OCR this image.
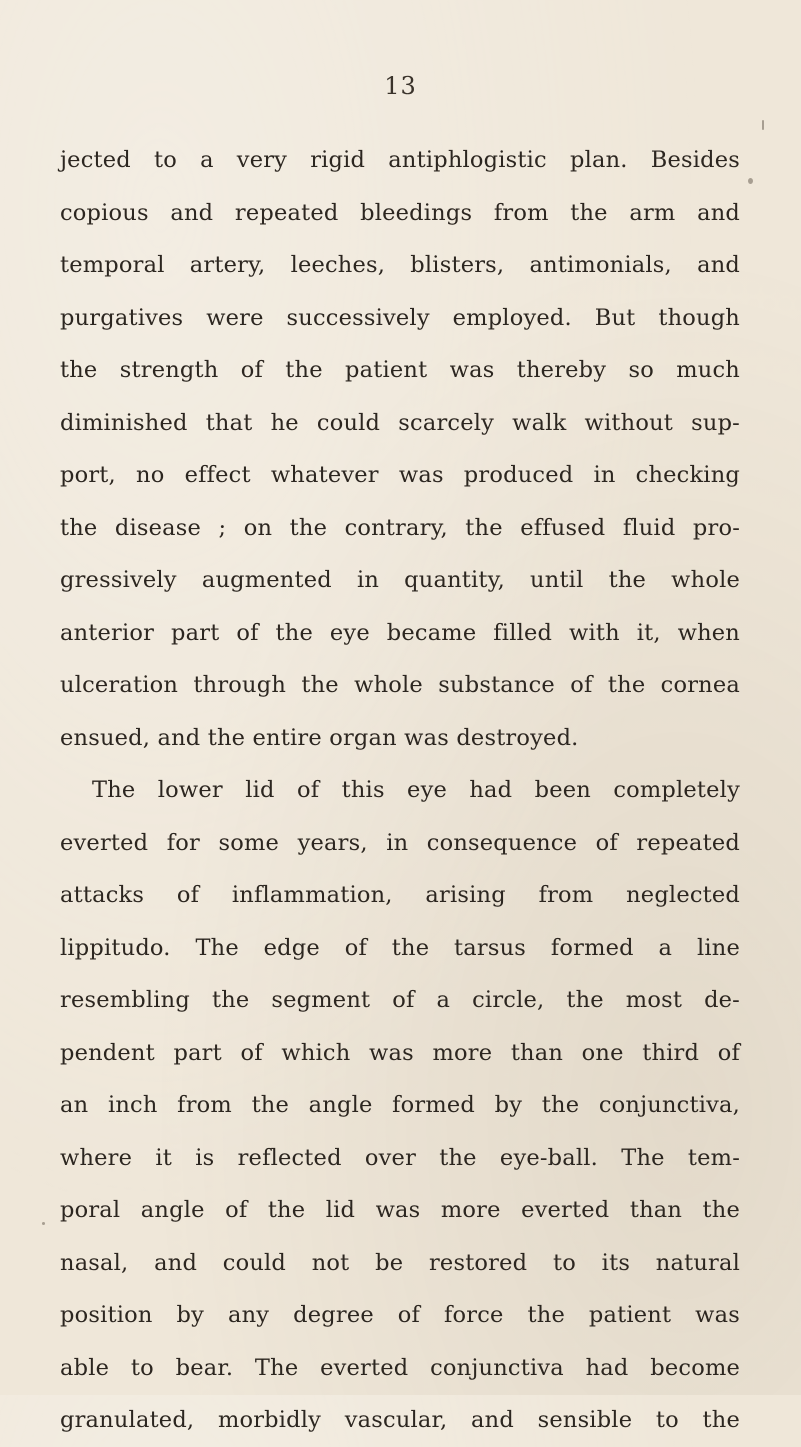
13
jected to a very rigid antiphlogistic plan. Besides
copious and repeated bleedings from the arm and
temporal artery, leeches, blisters, antimonials, and
purgatives were successively employed. But though
the strength of the patient was thereby so much
diminished that he could scarcely walk without sup-
port, no effect whatever was produced in checking
the disease ; on the contrary, the effused fluid pro-
gressively augmented in quantity, until the whole
anterior part of the eye became filled with it, when
ulceration through the whole substance of the cornea
ensued, and the entire organ was destroyed.
The lower lid of this eye had been completely
everted for some years, in consequence of repeated
attacks of inflammation, arising from neglected
lippitudo. The edge of the tarsus formed a line
resembling the segment of a circle, the most de-
pendent part of which was more than one third of
an inch from the angle formed by the conjunctiva,
where it is reflected over the eye-ball. The tem-
poral angle of the lid was more everted than the
nasal, and could not be restored to its natural
position by any degree of force the patient was
able to bear. The everted conjunctiva had become
granulated, morbidly vascular, and sensible to the
